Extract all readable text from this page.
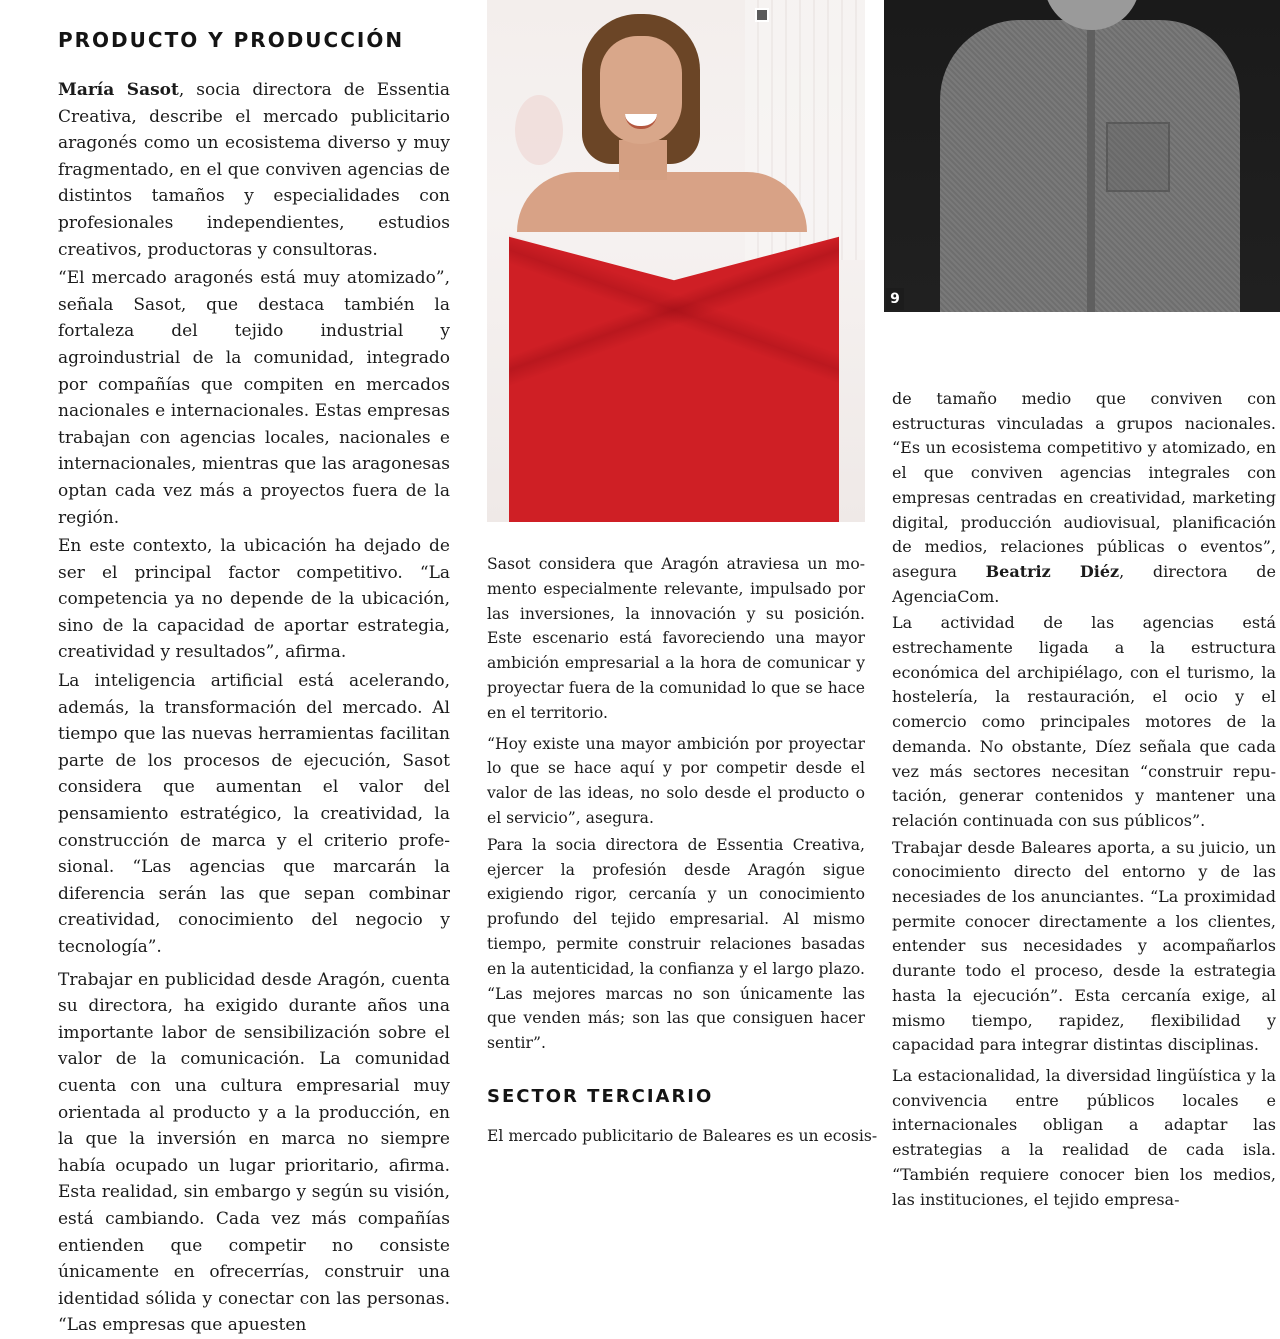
PRODUCTO Y PRODUCCIÓN

María Sasot, socia directora de Essentia Creativa, describe el mercado publicitario aragonés como un ecosistema diverso y muy fragmentado, en el que conviven agencias de distintos tamaños y especialidades con profesionales independientes, estudios creativos, productoras y consultoras.

“El mercado aragonés está muy atomizado”, señala Sasot, que destaca también la fortaleza del tejido industrial y agroindustrial de la comunidad, integrado por compañías que compiten en mercados nacionales e internacionales. Estas empresas trabajan con agencias locales, nacionales e internacionales, mientras que las aragonesas optan cada vez más a proyectos fuera de la región.

En este contexto, la ubicación ha dejado de ser el principal factor competitivo. “La competencia ya no depende de la ubicación, sino de la capacidad de aportar estrategia, creatividad y resultados”, afirma.

La inteligencia artificial está acelerando, además, la transformación del mercado. Al tiempo que las nuevas herramientas facilitan parte de los procesos de ejecución, Sasot considera que aumentan el valor del pensamiento estratégico, la creatividad, la construcción de marca y el criterio profesional. “Las agencias que marcarán la diferencia serán las que sepan combinar creatividad, conocimiento del negocio y tecnología”.

Trabajar en publicidad desde Aragón, cuenta su directora, ha exigido durante años una importante labor de sensibilización sobre el valor de la comunicación. La comunidad cuenta con una cultura empresarial muy orientada al producto y a la producción, en la que la inversión en marca no siempre había ocupado un lugar prioritario, afirma. Esta realidad, sin embargo y según su visión, está cambiando. Cada vez más compañías entienden que competir no consiste únicamente en ofrecerrías, construir una identidad sólida y conectar con las personas. “Las empresas que apuesten

Sasot considera que Aragón atraviesa un momento especialmente relevante, impulsado por las inversiones, la innovación y su posición. Este escenario está favoreciendo una mayor ambición empresarial a la hora de comunicar y proyectar fuera de la comunidad lo que se hace en el territorio.

“Hoy existe una mayor ambición por proyectar lo que se hace aquí y por competir desde el valor de las ideas, no solo desde el producto o el servicio”, asegura.

Para la socia directora de Essentia Creativa, ejercer la profesión desde Aragón sigue exigiendo rigor, cercanía y un conocimiento profundo del tejido empresarial. Al mismo tiempo, permite construir relaciones basadas en la autenticidad, la confianza y el largo plazo. “Las mejores marcas no son únicamente las que venden más; son las que consiguen hacer sentir”.

SECTOR TERCIARIO
El mercado publicitario de Baleares es un ecosis-
9

de tamaño medio que conviven con estructuras vinculadas a grupos nacionales. “Es un ecosistema competitivo y atomizado, en el que conviven agencias integrales con empresas centradas en creatividad, marketing digital, producción audiovisual, planificación de medios, relaciones públicas o eventos”, asegura Beatriz Diéz, directora de AgenciaCom.

La actividad de las agencias está estrechamente ligada a la estructura económica del archipiélago, con el turismo, la hostelería, la restauración, el ocio y el comercio como principales motores de la demanda. No obstante, Díez señala que cada vez más sectores necesitan “construir reputación, generar contenidos y mantener una relación continuada con sus públicos”.

Trabajar desde Baleares aporta, a su juicio, un conocimiento directo del entorno y de las necesiades de los anunciantes. “La proximidad permite conocer directamente a los clientes, entender sus necesidades y acompañarlos durante todo el proceso, desde la estrategia hasta la ejecución”. Esta cercanía exige, al mismo tiempo, rapidez, flexibilidad y capacidad para integrar distintas disciplinas.

La estacionalidad, la diversidad lingüística y la convivencia entre públicos locales e internacionales obligan a adaptar las estrategias a la realidad de cada isla. “También requiere conocer bien los medios, las instituciones, el tejido empresa-
